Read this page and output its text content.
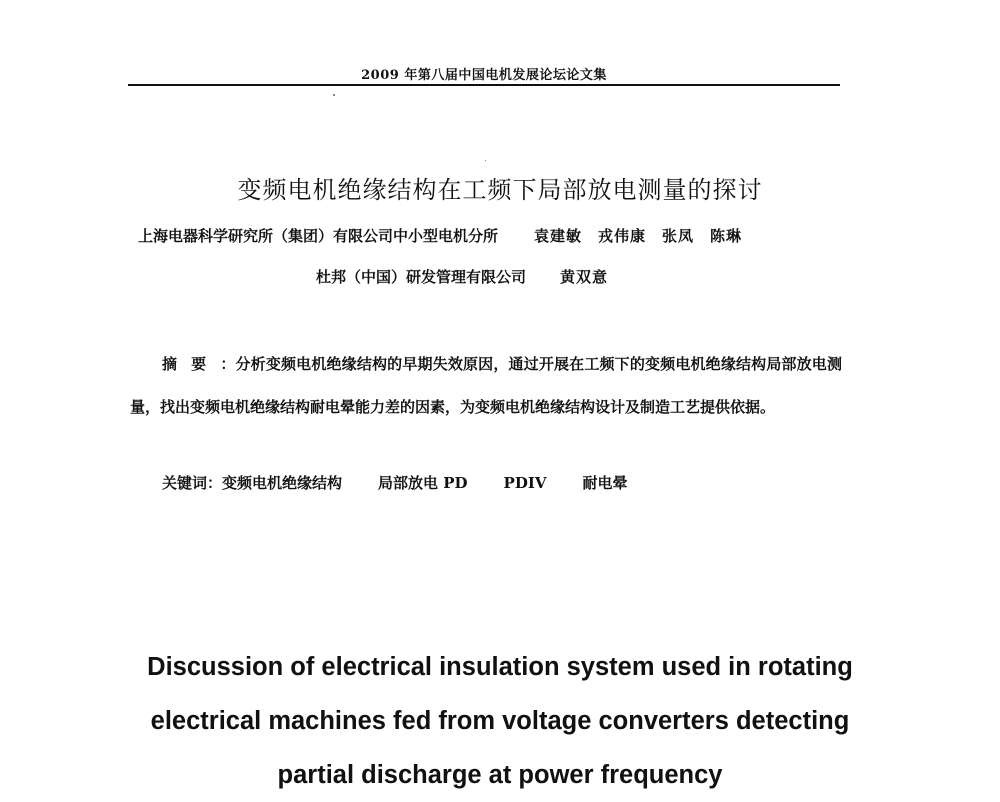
2009 年第八届中国电机发展论坛论文集
变频电机绝缘结构在工频下局部放电测量的探讨
上海电器科学研究所（集团）有限公司中小型电机分所 袁建敏　戎伟康　张凤　陈琳
杜邦（中国）研发管理有限公司 黄双意
摘要：分析变频电机绝缘结构的早期失效原因，通过开展在工频下的变频电机绝缘结构局部放电测量，找出变频电机绝缘结构耐电晕能力差的因素，为变频电机绝缘结构设计及制造工艺提供依据。
关键词：变频电机绝缘结构 局部放电 PD PDIV 耐电晕
Discussion of electrical insulation system used in rotating electrical machines fed from voltage converters detecting partial discharge at power frequency
